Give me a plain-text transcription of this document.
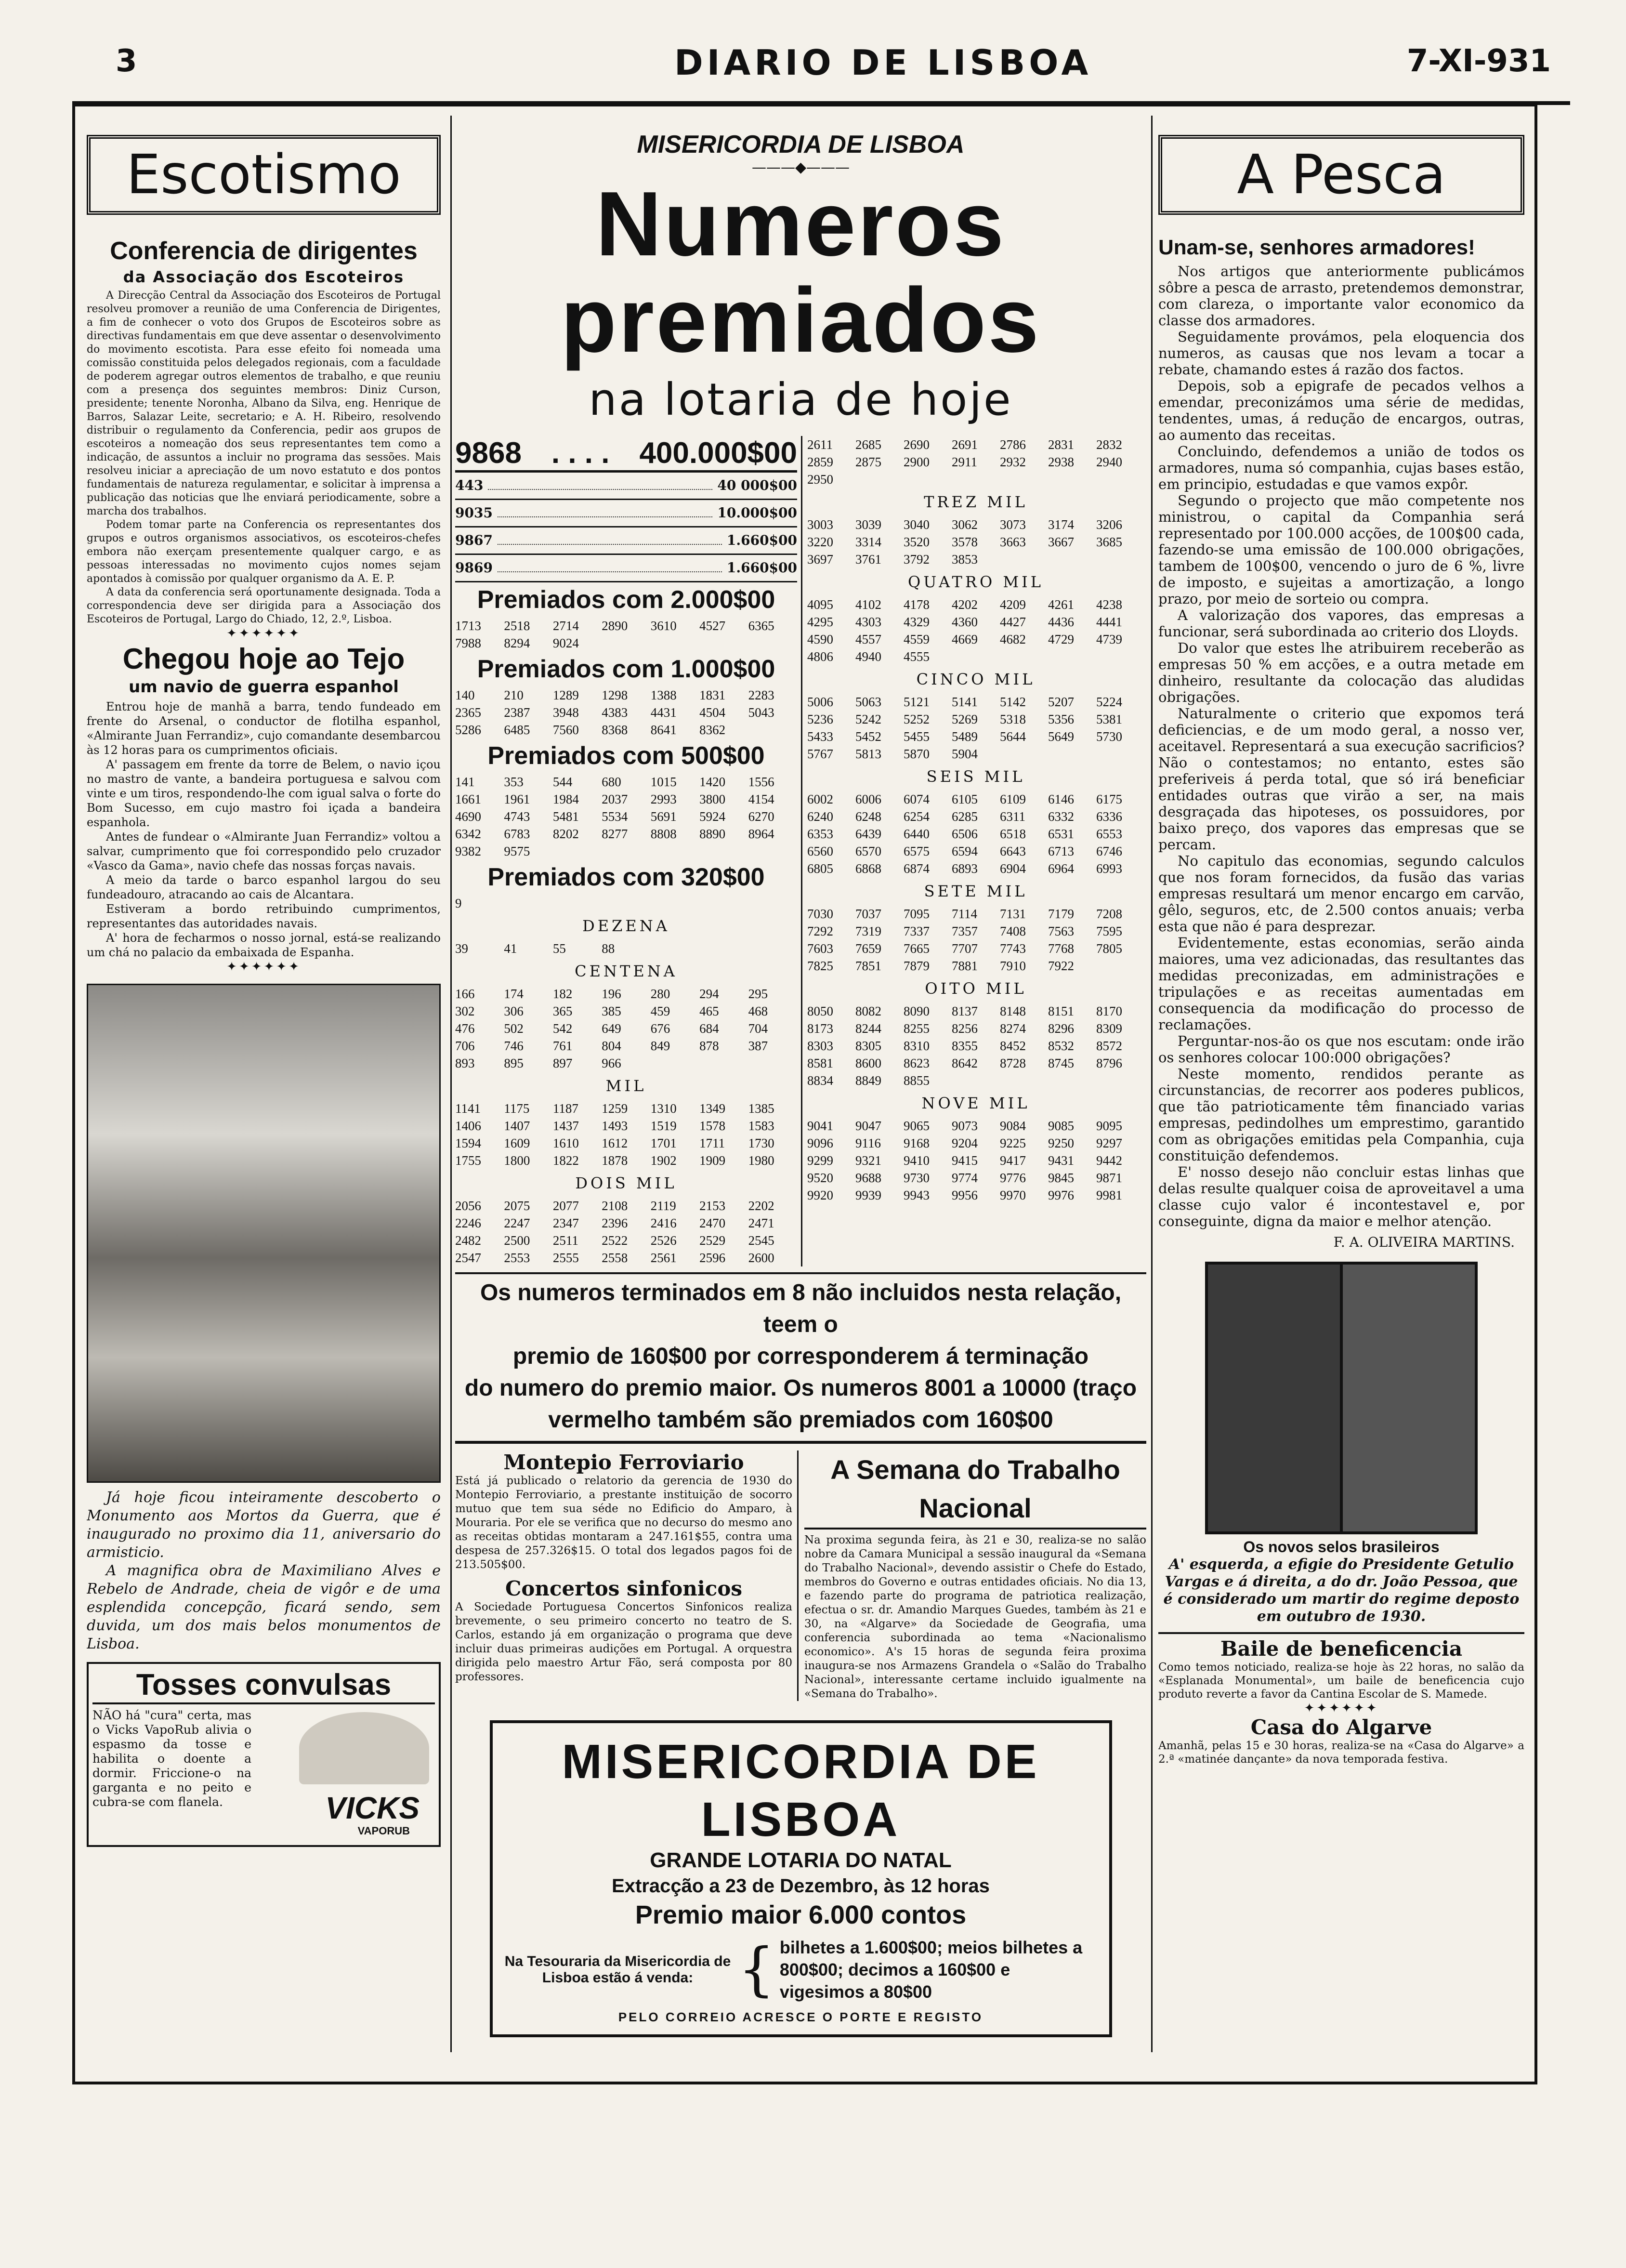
3	DIARIO DE LISBOA	7-XI-931
Escotismo
Conferencia de dirigentes
da Associação dos Escoteiros

A Direcção Central da Associação dos Escoteiros de Portugal resolveu promover a reunião de uma Conferencia de Dirigentes, a fim de conhecer o voto dos Grupos de Escoteiros sobre as directivas fundamentais em que deve assentar o desenvolvimento do movimento escotista. Para esse efeito foi nomeada uma comissão constituida pelos delegados regionais, com a faculdade de poderem agregar outros elementos de trabalho, e que reuniu com a presença dos seguintes membros: Diniz Curson, presidente; tenente Noronha, Albano da Silva, eng. Henrique de Barros, Salazar Leite, secretario; e A. H. Ribeiro, resolvendo distribuir o regulamento da Conferencia, pedir aos grupos de escoteiros a nomeação dos seus representantes tem como a indicação, de assuntos a incluir no programa das sessões. Mais resolveu iniciar a apreciação de um novo estatuto e dos pontos fundamentais de natureza regulamentar, e solicitar à imprensa a publicação das noticias que lhe enviará periodicamente, sobre a marcha dos trabalhos.

Podem tomar parte na Conferencia os representantes dos grupos e outros organismos associativos, os escoteiros-chefes embora não exerçam presentemente qualquer cargo, e as pessoas interessadas no movimento cujos nomes sejam apontados à comissão por qualquer organismo da A. E. P.

A data da conferencia será oportunamente designada. Toda a correspondencia deve ser dirigida para a Associação dos Escoteiros de Portugal, Largo do Chiado, 12, 2.º, Lisboa.

✦✦✦✦✦✦
Chegou hoje ao Tejo
um navio de guerra espanhol

Entrou hoje de manhã a barra, tendo fundeado em frente do Arsenal, o conductor de flotilha espanhol, «Almirante Juan Ferrandiz», cujo comandante desembarcou às 12 horas para os cumprimentos oficiais.

A' passagem em frente da torre de Belem, o navio içou no mastro de vante, a bandeira portuguesa e salvou com vinte e um tiros, respondendo-lhe com igual salva o forte do Bom Sucesso, em cujo mastro foi içada a bandeira espanhola.

Antes de fundear o «Almirante Juan Ferrandiz» voltou a salvar, cumprimento que foi correspondido pelo cruzador «Vasco da Gama», navio chefe das nossas forças navais.

A meio da tarde o barco espanhol largou do seu fundeadouro, atracando ao cais de Alcantara.

Estiveram a bordo retribuindo cumprimentos, representantes das autoridades navais.

A' hora de fecharmos o nosso jornal, está-se realizando um chá no palacio da embaixada de Espanha.

✦✦✦✦✦✦

Já hoje ficou inteiramente descoberto o Monumento aos Mortos da Guerra, que é inaugurado no proximo dia 11, aniversario do armisticio.

A magnifica obra de Maximiliano Alves e Rebelo de Andrade, cheia de vigôr e de uma esplendida concepção, ficará sendo, sem duvida, um dos mais belos monumentos de Lisboa.

Tosses convulsas
NÃO há "cura" certa, mas o Vicks VapoRub alivia o espasmo da tosse e habilita o doente a dormir. Friccione-o na garganta e no peito e cubra-se com flanela.	VICKS
VAPORUB
MISERICORDIA DE LISBOA
———◆———
Numeros premiados
na lotaria de hoje
9868 . . . . 400.000$00
443	40 000$00
9035	10.000$00
9867	1.660$00
9869	1.660$00
Premiados com 2.000$00
1713	2518	2714	2890	3610	4527	6365
7988	8294	9024
Premiados com 1.000$00
140	210	1289	1298	1388	1831	2283
2365	2387	3948	4383	4431	4504	5043
5286	6485	7560	8368	8641	8362
Premiados com 500$00
141	353	544	680	1015	1420	1556
1661	1961	1984	2037	2993	3800	4154
4690	4743	5481	5534	5691	5924	6270
6342	6783	8202	8277	8808	8890	8964
9382	9575
Premiados com 320$00
9
DEZENA
39	41	55	88
CENTENA
166	174	182	196	280	294	295
302	306	365	385	459	465	468
476	502	542	649	676	684	704
706	746	761	804	849	878	387
893	895	897	966
MIL
1141	1175	1187	1259	1310	1349	1385
1406	1407	1437	1493	1519	1578	1583
1594	1609	1610	1612	1701	1711	1730
1755	1800	1822	1878	1902	1909	1980
DOIS MIL
2056	2075	2077	2108	2119	2153	2202
2246	2247	2347	2396	2416	2470	2471
2482	2500	2511	2522	2526	2529	2545
2547	2553	2555	2558	2561	2596	2600
2611	2685	2690	2691	2786	2831	2832
2859	2875	2900	2911	2932	2938	2940
2950
TREZ MIL
3003	3039	3040	3062	3073	3174	3206
3220	3314	3520	3578	3663	3667	3685
3697	3761	3792	3853
QUATRO MIL
4095	4102	4178	4202	4209	4261	4238
4295	4303	4329	4360	4427	4436	4441
4590	4557	4559	4669	4682	4729	4739
4806	4940	4555
CINCO MIL
5006	5063	5121	5141	5142	5207	5224
5236	5242	5252	5269	5318	5356	5381
5433	5452	5455	5489	5644	5649	5730
5767	5813	5870	5904
SEIS MIL
6002	6006	6074	6105	6109	6146	6175
6240	6248	6254	6285	6311	6332	6336
6353	6439	6440	6506	6518	6531	6553
6560	6570	6575	6594	6643	6713	6746
6805	6868	6874	6893	6904	6964	6993
SETE MIL
7030	7037	7095	7114	7131	7179	7208
7292	7319	7337	7357	7408	7563	7595
7603	7659	7665	7707	7743	7768	7805
7825	7851	7879	7881	7910	7922
OITO MIL
8050	8082	8090	8137	8148	8151	8170
8173	8244	8255	8256	8274	8296	8309
8303	8305	8310	8355	8452	8532	8572
8581	8600	8623	8642	8728	8745	8796
8834	8849	8855
NOVE MIL
9041	9047	9065	9073	9084	9085	9095
9096	9116	9168	9204	9225	9250	9297
9299	9321	9410	9415	9417	9431	9442
9520	9688	9730	9774	9776	9845	9871
9920	9939	9943	9956	9970	9976	9981
Os numeros terminados em 8 não incluidos nesta relação, teem o
premio de 160$00 por corresponderem á terminação
do numero do premio maior. Os numeros 8001 a 10000 (traço
vermelho também são premiados com 160$00
Montepio Ferroviario
Está já publicado o relatorio da gerencia de 1930 do Montepio Ferroviario, a prestante instituição de socorro mutuo que tem sua séde no Edificio do Amparo, à Mouraria. Por ele se verifica que no decurso do mesmo ano as receitas obtidas montaram a 247.161$55, contra uma despesa de 257.326$15. O total dos legados pagos foi de 213.505$00.
Concertos sinfonicos
A Sociedade Portuguesa Concertos Sinfonicos realiza brevemente, o seu primeiro concerto no teatro de S. Carlos, estando já em organização o programa que deve incluir duas primeiras audições em Portugal. A orquestra dirigida pelo maestro Artur Fão, será composta por 80 professores.
A Semana do Trabalho Nacional
Na proxima segunda feira, às 21 e 30, realiza-se no salão nobre da Camara Municipal a sessão inaugural da «Semana do Trabalho Nacional», devendo assistir o Chefe do Estado, membros do Governo e outras entidades oficiais. No dia 13, e fazendo parte do programa de patriotica realização, efectua o sr. dr. Amandio Marques Guedes, também às 21 e 30, na «Algarve» da Sociedade de Geografia, uma conferencia subordinada ao tema «Nacionalismo economico». A's 15 horas de segunda feira proxima inaugura-se nos Armazens Grandela o «Salão do Trabalho Nacional», interessante certame incluido igualmente na «Semana do Trabalho».
MISERICORDIA DE LISBOA
GRANDE LOTARIA DO NATAL
Extracção a 23 de Dezembro, às 12 horas
Premio maior 6.000 contos
Na Tesouraria da Misericordia de Lisboa estão á venda: { bilhetes a 1.600$00; meios bilhetes a 800$00; decimos a 160$00 e vigesimos a 80$00
PELO CORREIO ACRESCE O PORTE E REGISTO
A Pesca
Unam-se, senhores armadores!

Nos artigos que anteriormente publicámos sôbre a pesca de arrasto, pretendemos demonstrar, com clareza, o importante valor economico da classe dos armadores.

Seguidamente provámos, pela eloquencia dos numeros, as causas que nos levam a tocar a rebate, chamando estes á razão dos factos.

Depois, sob a epigrafe de pecados velhos a emendar, preconizámos uma série de medidas, tendentes, umas, á redução de encargos, outras, ao aumento das receitas.

Concluindo, defendemos a união de todos os armadores, numa só companhia, cujas bases estão, em principio, estudadas e que vamos expôr.

Segundo o projecto que mão competente nos ministrou, o capital da Companhia será representado por 100.000 acções, de 100$00 cada, fazendo-se uma emissão de 100.000 obrigações, tambem de 100$00, vencendo o juro de 6 %, livre de imposto, e sujeitas a amortização, a longo prazo, por meio de sorteio ou compra.

A valorização dos vapores, das empresas a funcionar, será subordinada ao criterio dos Lloyds.

Do valor que estes lhe atribuirem receberão as empresas 50 % em acções, e a outra metade em dinheiro, resultante da colocação das aludidas obrigações.

Naturalmente o criterio que expomos terá deficiencias, e de um modo geral, a nosso ver, aceitavel. Representará a sua execução sacrificios? Não o contestamos; no entanto, estes são preferiveis á perda total, que só irá beneficiar entidades outras que virão a ser, na mais desgraçada das hipoteses, os possuidores, por baixo preço, dos vapores das empresas que se percam.

No capitulo das economias, segundo calculos que nos foram fornecidos, da fusão das varias empresas resultará um menor encargo em carvão, gêlo, seguros, etc, de 2.500 contos anuais; verba esta que não é para desprezar.

Evidentemente, estas economias, serão ainda maiores, uma vez adicionadas, das resultantes das medidas preconizadas, em administrações e tripulações e as receitas aumentadas em consequencia da modificação do processo de reclamações.

Perguntar-nos-ão os que nos escutam: onde irão os senhores colocar 100:000 obrigações?

Neste momento, rendidos perante as circunstancias, de recorrer aos poderes publicos, que tão patrioticamente têm financiado varias empresas, pedindolhes um emprestimo, garantido com as obrigações emitidas pela Companhia, cuja constituição defendemos.

E' nosso desejo não concluir estas linhas que delas resulte qualquer coisa de aproveitavel a uma classe cujo valor é incontestavel e, por conseguinte, digna da maior e melhor atenção.

F. A. OLIVEIRA MARTINS.
Os novos selos brasileiros
A' esquerda, a efigie do Presidente Getulio Vargas e á direita, a do dr. João Pessoa, que é considerado um martir do regime deposto em outubro de 1930.
Baile de beneficencia
Como temos noticiado, realiza-se hoje às 22 horas, no salão da «Esplanada Monumental», um baile de beneficencia cujo produto reverte a favor da Cantina Escolar de S. Mamede.
✦✦✦✦✦✦
Casa do Algarve
Amanhã, pelas 15 e 30 horas, realiza-se na «Casa do Algarve» a 2.ª «matinée dançante» da nova temporada festiva.
